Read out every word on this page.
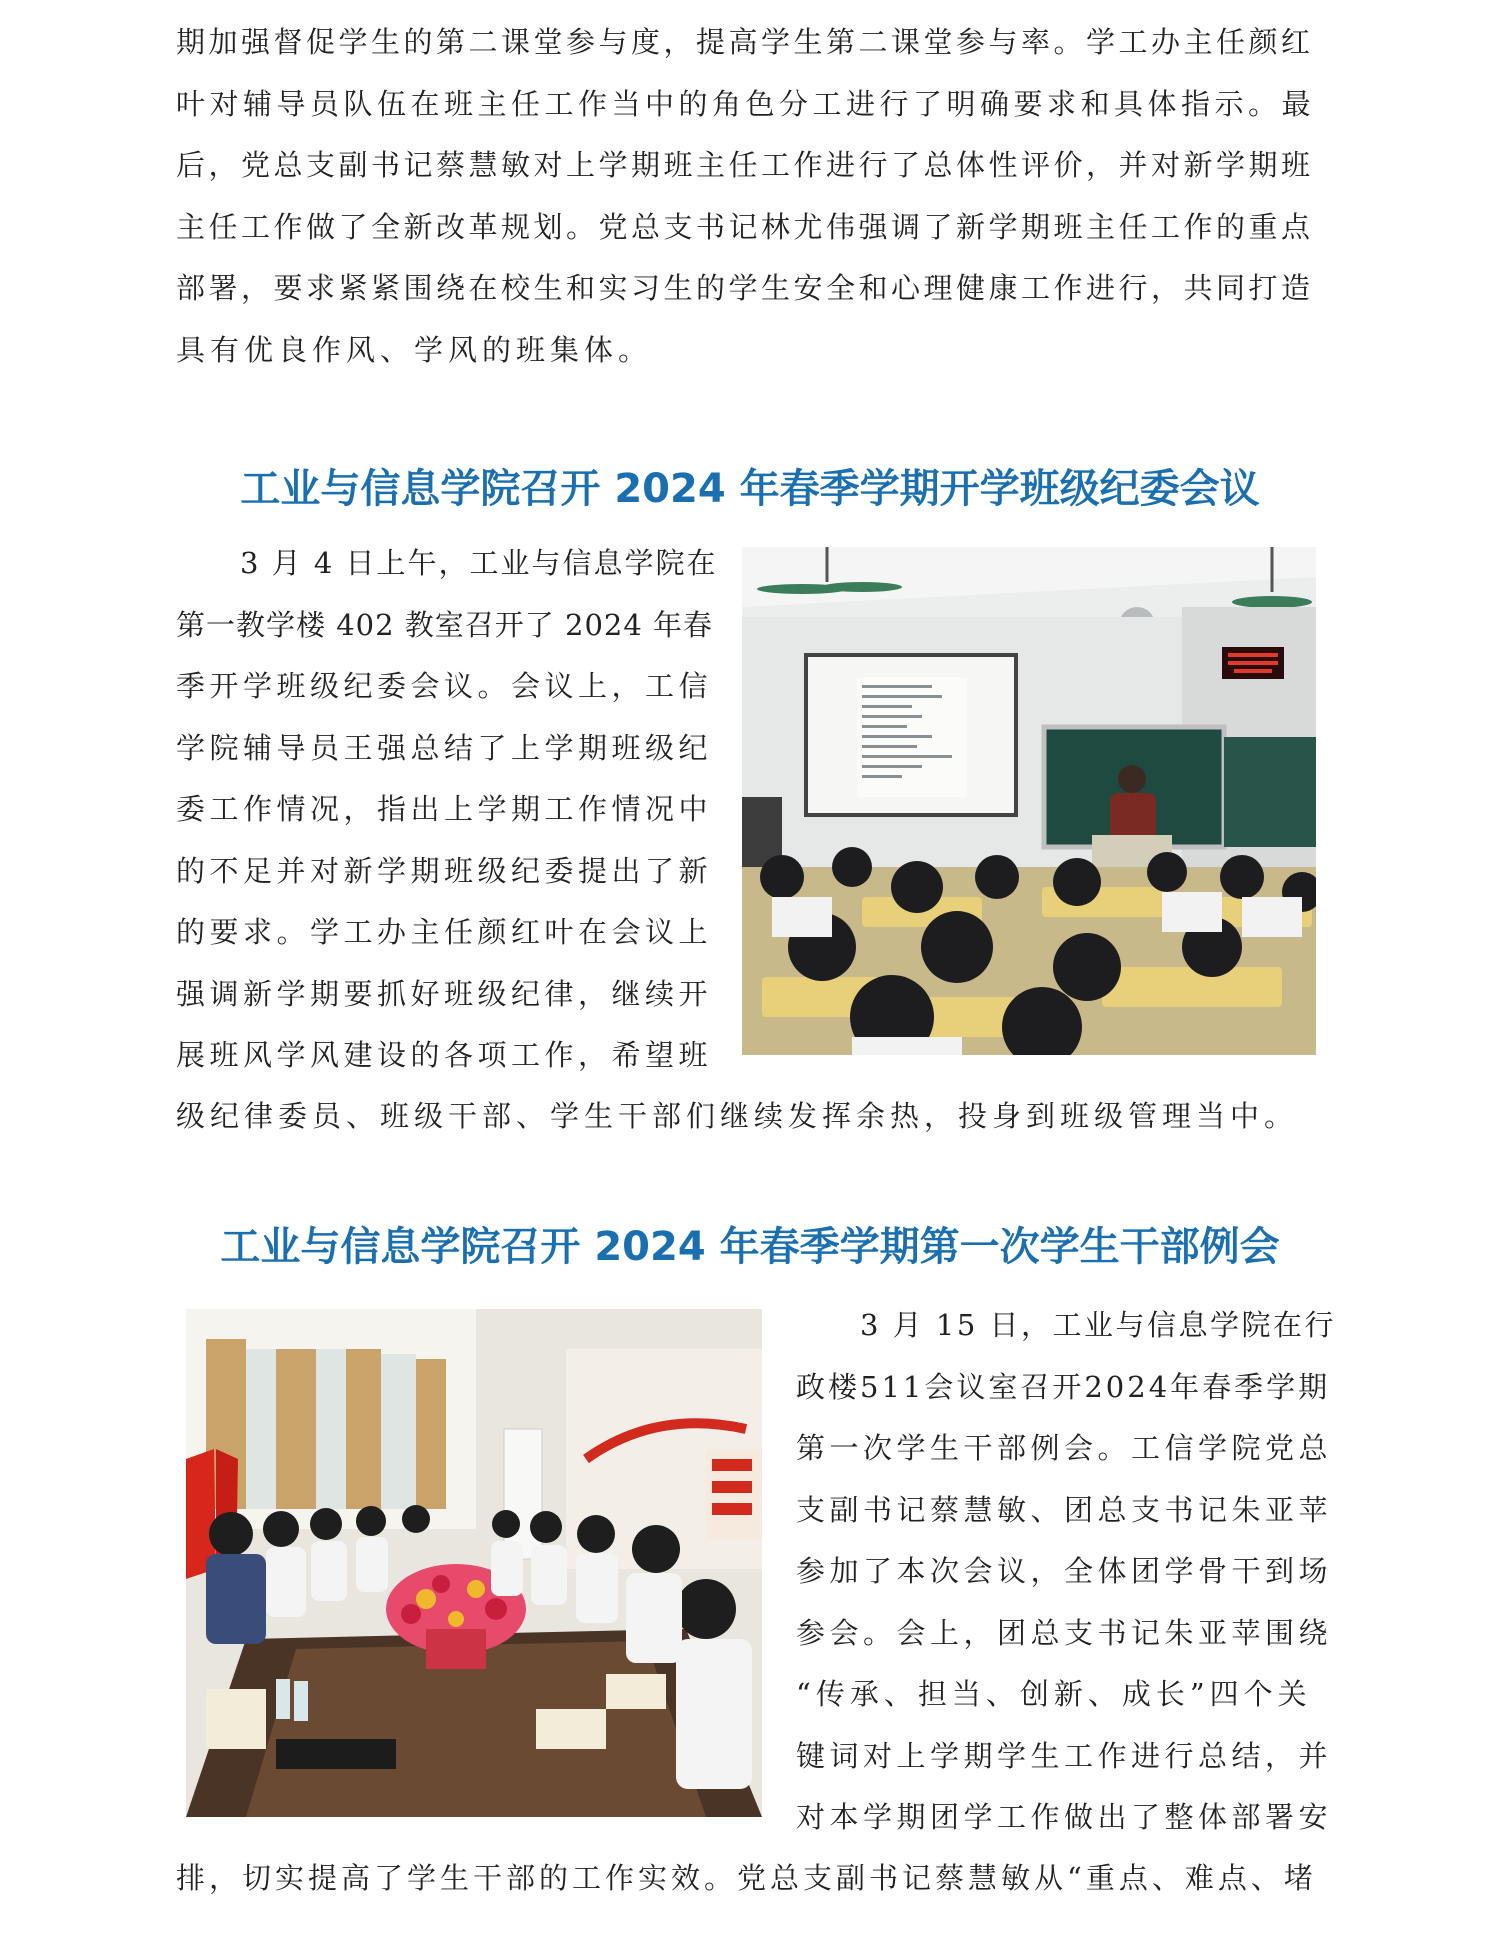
期加强督促学生的第二课堂参与度，提高学生第二课堂参与率。学工办主任颜红
叶对辅导员队伍在班主任工作当中的角色分工进行了明确要求和具体指示。最
后，党总支副书记蔡慧敏对上学期班主任工作进行了总体性评价，并对新学期班
主任工作做了全新改革规划。党总支书记林尤伟强调了新学期班主任工作的重点
部署，要求紧紧围绕在校生和实习生的学生安全和心理健康工作进行，共同打造
具有优良作风、学风的班集体。
工业与信息学院召开 2024 年春季学期开学班级纪委会议
3 月 4 日上午，工业与信息学院在
第一教学楼 402 教室召开了 2024 年春
季开学班级纪委会议。会议上，工信
学院辅导员王强总结了上学期班级纪
委工作情况，指出上学期工作情况中
的不足并对新学期班级纪委提出了新
的要求。学工办主任颜红叶在会议上
强调新学期要抓好班级纪律，继续开
展班风学风建设的各项工作，希望班
级纪律委员、班级干部、学生干部们继续发挥余热，投身到班级管理当中。
工业与信息学院召开 2024 年春季学期第一次学生干部例会
3 月 15 日，工业与信息学院在行
政楼511会议室召开2024年春季学期
第一次学生干部例会。工信学院党总
支副书记蔡慧敏、团总支书记朱亚苹
参加了本次会议，全体团学骨干到场
参会。会上，团总支书记朱亚苹围绕
“传承、担当、创新、成长”四个关
键词对上学期学生工作进行总结，并
对本学期团学工作做出了整体部署安
排，切实提高了学生干部的工作实效。党总支副书记蔡慧敏从“重点、难点、堵
